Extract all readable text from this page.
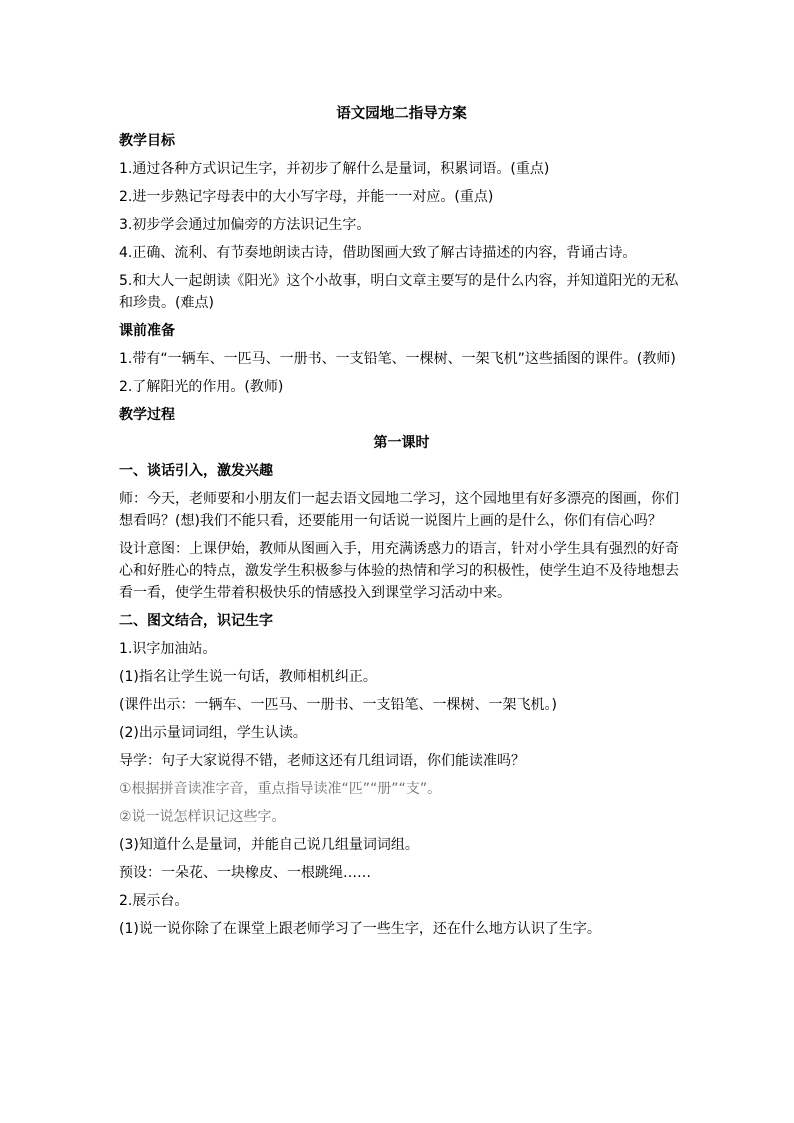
语文园地二指导方案
教学目标
1.通过各种方式识记生字，并初步了解什么是量词，积累词语。(重点)
2.进一步熟记字母表中的大小写字母，并能一一对应。(重点)
3.初步学会通过加偏旁的方法识记生字。
4.正确、流利、有节奏地朗读古诗，借助图画大致了解古诗描述的内容，背诵古诗。
5.和大人一起朗读《阳光》这个小故事，明白文章主要写的是什么内容，并知道阳光的无私和珍贵。(难点)
课前准备
1.带有“一辆车、一匹马、一册书、一支铅笔、一棵树、一架飞机”这些插图的课件。(教师)
2.了解阳光的作用。(教师)
教学过程
第一课时
一、谈话引入，激发兴趣
师：今天，老师要和小朋友们一起去语文园地二学习，这个园地里有好多漂亮的图画，你们想看吗？(想)我们不能只看，还要能用一句话说一说图片上画的是什么，你们有信心吗？
设计意图：上课伊始，教师从图画入手，用充满诱惑力的语言，针对小学生具有强烈的好奇心和好胜心的特点，激发学生积极参与体验的热情和学习的积极性，使学生迫不及待地想去看一看，使学生带着积极快乐的情感投入到课堂学习活动中来。
二、图文结合，识记生字
1.识字加油站。
(1)指名让学生说一句话，教师相机纠正。
(课件出示：一辆车、一匹马、一册书、一支铅笔、一棵树、一架飞机。)
(2)出示量词词组，学生认读。
导学：句子大家说得不错，老师这还有几组词语，你们能读准吗？
①根据拼音读准字音，重点指导读准“匹”“册”“支”。
②说一说怎样识记这些字。
(3)知道什么是量词，并能自己说几组量词词组。
预设：一朵花、一块橡皮、一根跳绳……
2.展示台。
(1)说一说你除了在课堂上跟老师学习了一些生字，还在什么地方认识了生字。
